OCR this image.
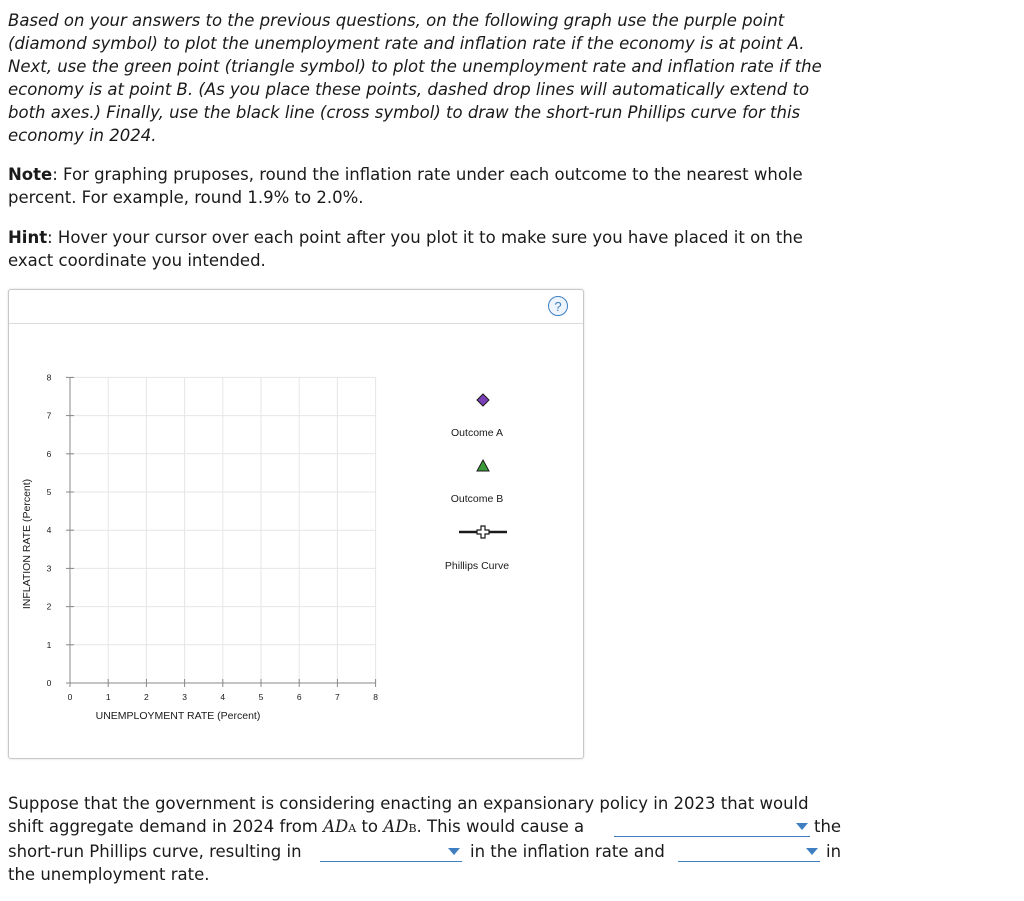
Based on your answers to the previous questions, on the following graph use the purple point
(diamond symbol) to plot the unemployment rate and inflation rate if the economy is at point A.
Next, use the green point (triangle symbol) to plot the unemployment rate and inflation rate if the
economy is at point B. (As you place these points, dashed drop lines will automatically extend to
both axes.) Finally, use the black line (cross symbol) to draw the short-run Phillips curve for this
economy in 2024.
Note: For graphing pruposes, round the inflation rate under each outcome to the nearest whole
percent. For example, round 1.9% to 2.0%.
Hint: Hover your cursor over each point after you plot it to make sure you have placed it on the
exact coordinate you intended.
?
0	1	2	3	4	5	6	7	8
0
1
2
3
4
5
6
7
8
Outcome A
Outcome B
Phillips Curve
INFLATION RATE (Percent)
UNEMPLOYMENT RATE (Percent)
Suppose that the government is considering enacting an expansionary policy in 2023 that would
shift aggregate demand in 2024 from ADA to ADB. This would cause a	the
short-run Phillips curve, resulting in	in the inflation rate and	in
the unemployment rate.
